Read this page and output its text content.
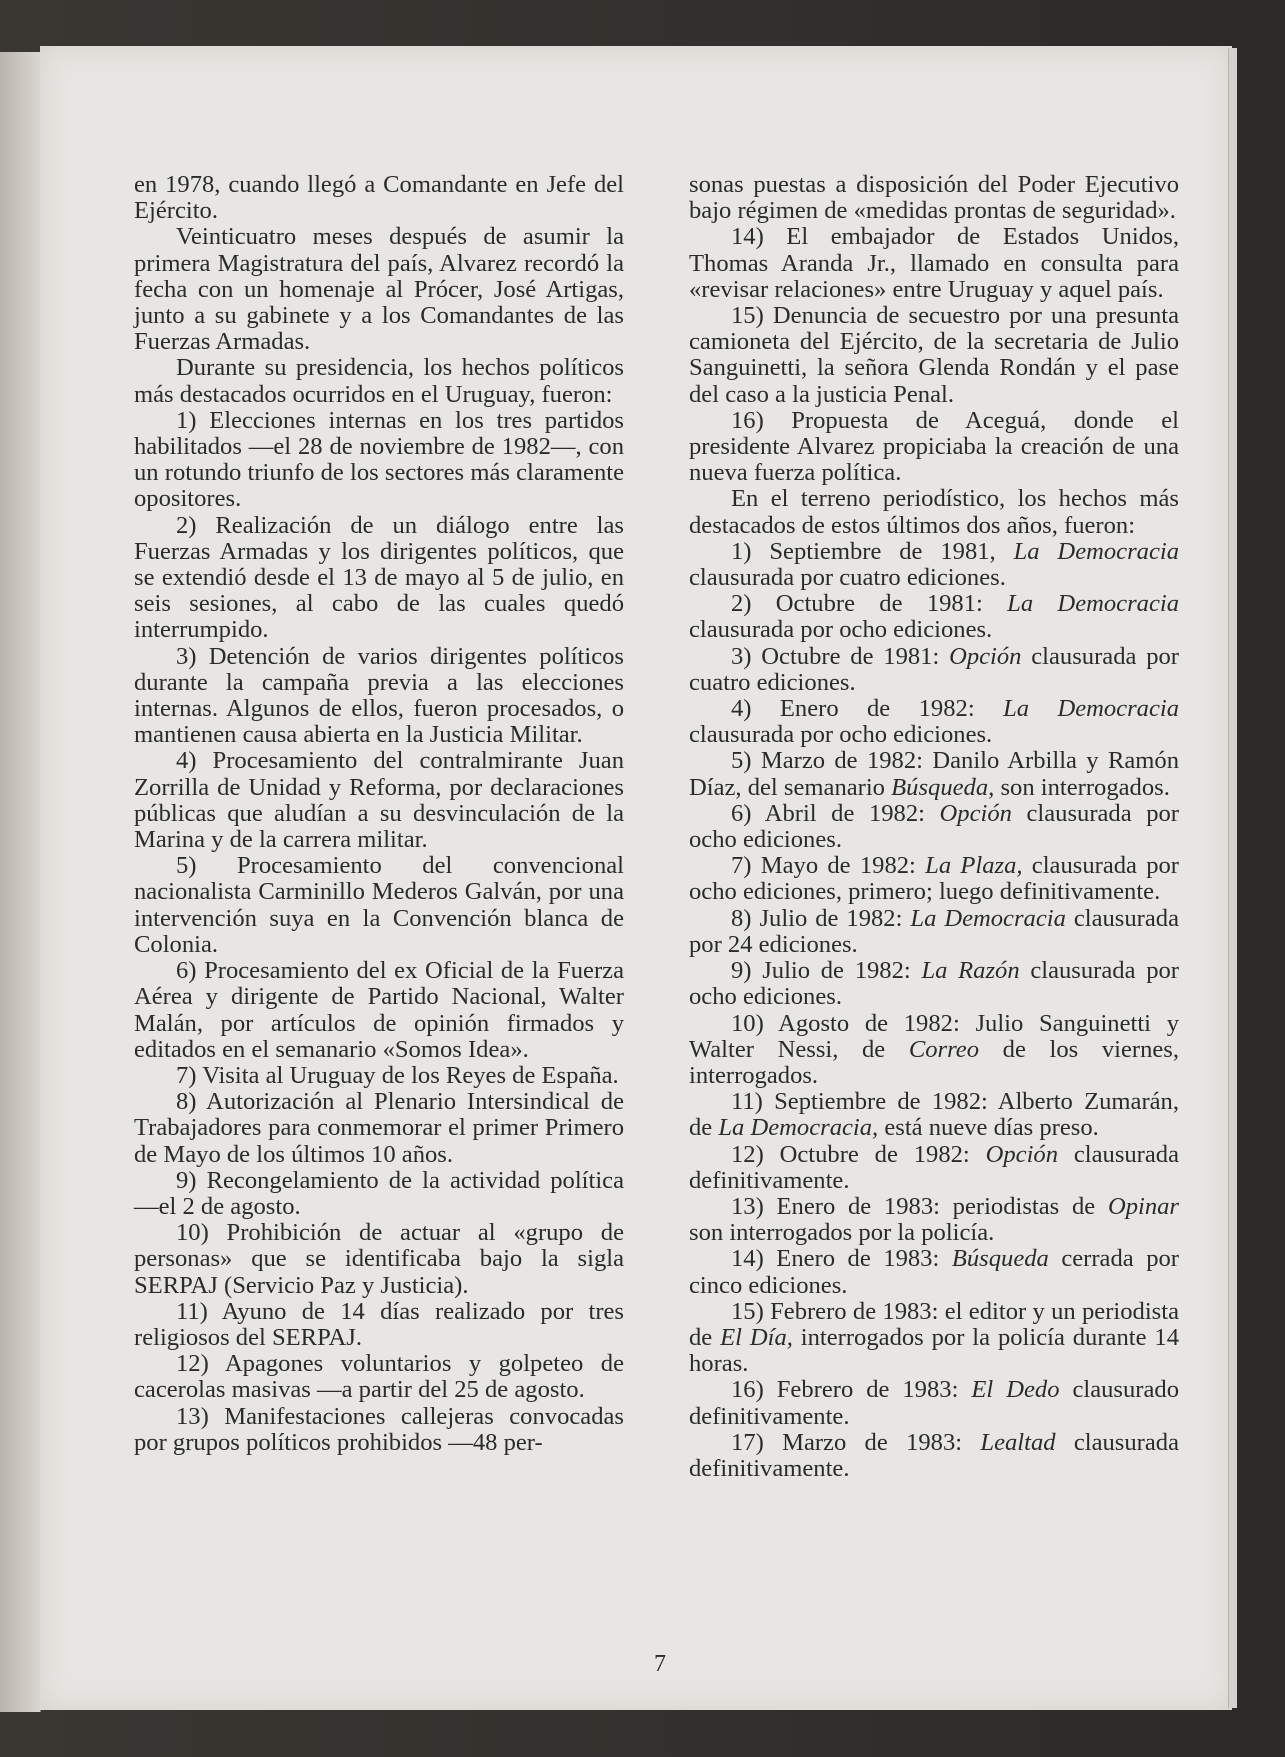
en 1978, cuando llegó a Comandante en Jefe del Ejército.

Veinticuatro meses después de asumir la primera Magistratura del país, Alvarez recordó la fecha con un homenaje al Prócer, José Artigas, junto a su gabinete y a los Comandantes de las Fuerzas Armadas.

Durante su presidencia, los hechos políticos más destacados ocurridos en el Uruguay, fueron:

1) Elecciones internas en los tres partidos habilitados —el 28 de noviembre de 1982—, con un rotundo triunfo de los sectores más claramente opositores.

2) Realización de un diálogo entre las Fuerzas Armadas y los dirigentes políticos, que se extendió desde el 13 de mayo al 5 de julio, en seis sesiones, al cabo de las cuales quedó interrumpido.

3) Detención de varios dirigentes políticos durante la campaña previa a las elecciones internas. Algunos de ellos, fueron procesados, o mantienen causa abierta en la Justicia Militar.

4) Procesamiento del contralmirante Juan Zorrilla de Unidad y Reforma, por declaraciones públicas que aludían a su desvinculación de la Marina y de la carrera militar.

5) Procesamiento del convencional nacionalista Carminillo Mederos Galván, por una intervención suya en la Convención blanca de Colonia.

6) Procesamiento del ex Oficial de la Fuerza Aérea y dirigente de Partido Nacional, Walter Malán, por artículos de opinión firmados y editados en el semanario «Somos Idea».

7) Visita al Uruguay de los Reyes de España.

8) Autorización al Plenario Intersindical de Trabajadores para conmemorar el primer Primero de Mayo de los últimos 10 años.

9) Recongelamiento de la actividad política —el 2 de agosto.

10) Prohibición de actuar al «grupo de personas» que se identificaba bajo la sigla SERPAJ (Servicio Paz y Justicia).

11) Ayuno de 14 días realizado por tres religiosos del SERPAJ.

12) Apagones voluntarios y golpeteo de cacerolas masivas —a partir del 25 de agosto.

13) Manifestaciones callejeras convocadas por grupos políticos prohibidos —48 per-

sonas puestas a disposición del Poder Ejecutivo bajo régimen de «medidas prontas de seguridad».

14) El embajador de Estados Unidos, Thomas Aranda Jr., llamado en consulta para «revisar relaciones» entre Uruguay y aquel país.

15) Denuncia de secuestro por una presunta camioneta del Ejército, de la secretaria de Julio Sanguinetti, la señora Glenda Rondán y el pase del caso a la justicia Penal.

16) Propuesta de Aceguá, donde el presidente Alvarez propiciaba la creación de una nueva fuerza política.

En el terreno periodístico, los hechos más destacados de estos últimos dos años, fueron:

1) Septiembre de 1981, La Democracia clausurada por cuatro ediciones.

2) Octubre de 1981: La Democracia clausurada por ocho ediciones.

3) Octubre de 1981: Opción clausurada por cuatro ediciones.

4) Enero de 1982: La Democracia clausurada por ocho ediciones.

5) Marzo de 1982: Danilo Arbilla y Ramón Díaz, del semanario Búsqueda, son interrogados.

6) Abril de 1982: Opción clausurada por ocho ediciones.

7) Mayo de 1982: La Plaza, clausurada por ocho ediciones, primero; luego definitivamente.

8) Julio de 1982: La Democracia clausurada por 24 ediciones.

9) Julio de 1982: La Razón clausurada por ocho ediciones.

10) Agosto de 1982: Julio Sanguinetti y Walter Nessi, de Correo de los viernes, interrogados.

11) Septiembre de 1982: Alberto Zumarán, de La Democracia, está nueve días preso.

12) Octubre de 1982: Opción clausurada definitivamente.

13) Enero de 1983: periodistas de Opinar son interrogados por la policía.

14) Enero de 1983: Búsqueda cerrada por cinco ediciones.

15) Febrero de 1983: el editor y un periodista de El Día, interrogados por la policía durante 14 horas.

16) Febrero de 1983: El Dedo clausurado definitivamente.

17) Marzo de 1983: Lealtad clausurada definitivamente.

7
